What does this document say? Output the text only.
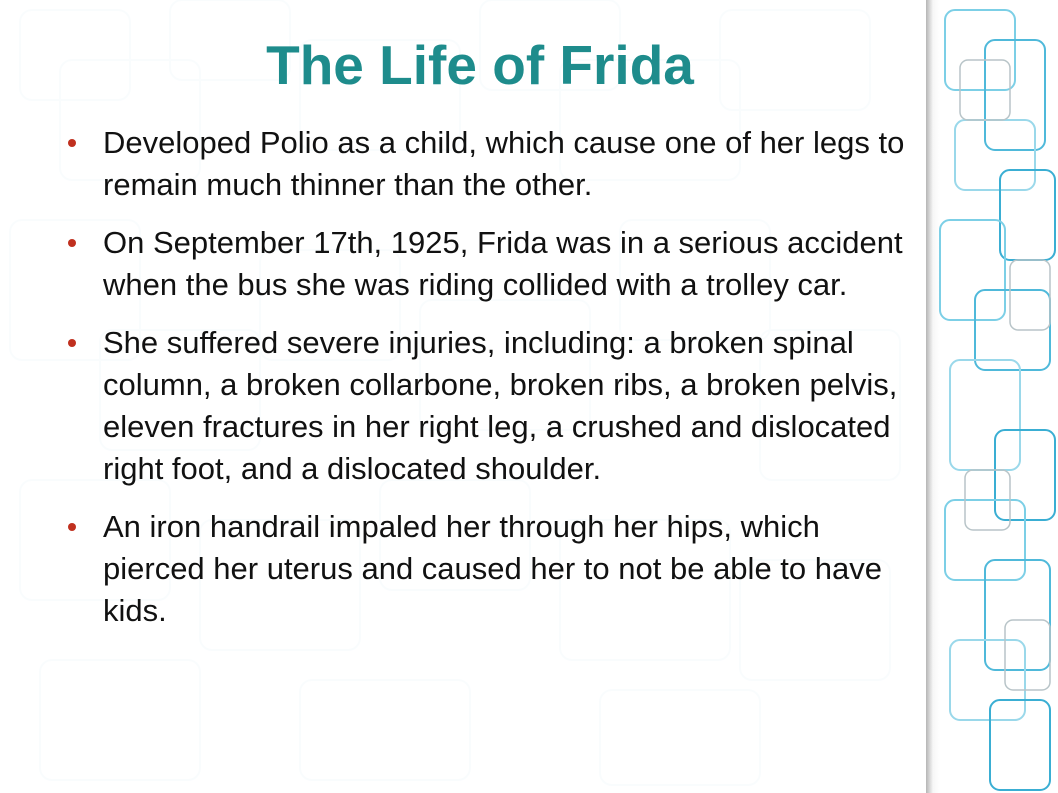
The Life of Frida
Developed Polio as a child, which cause one of her legs to remain much thinner than the other.
On September 17th, 1925, Frida was in a serious accident when the bus she was riding collided with a trolley car.
She suffered severe injuries, including: a broken spinal column, a broken collarbone, broken ribs, a broken pelvis, eleven fractures in her right leg, a crushed and dislocated right foot, and a dislocated shoulder.
An iron handrail impaled her through her hips, which pierced her uterus and caused her to not be able to have kids.
